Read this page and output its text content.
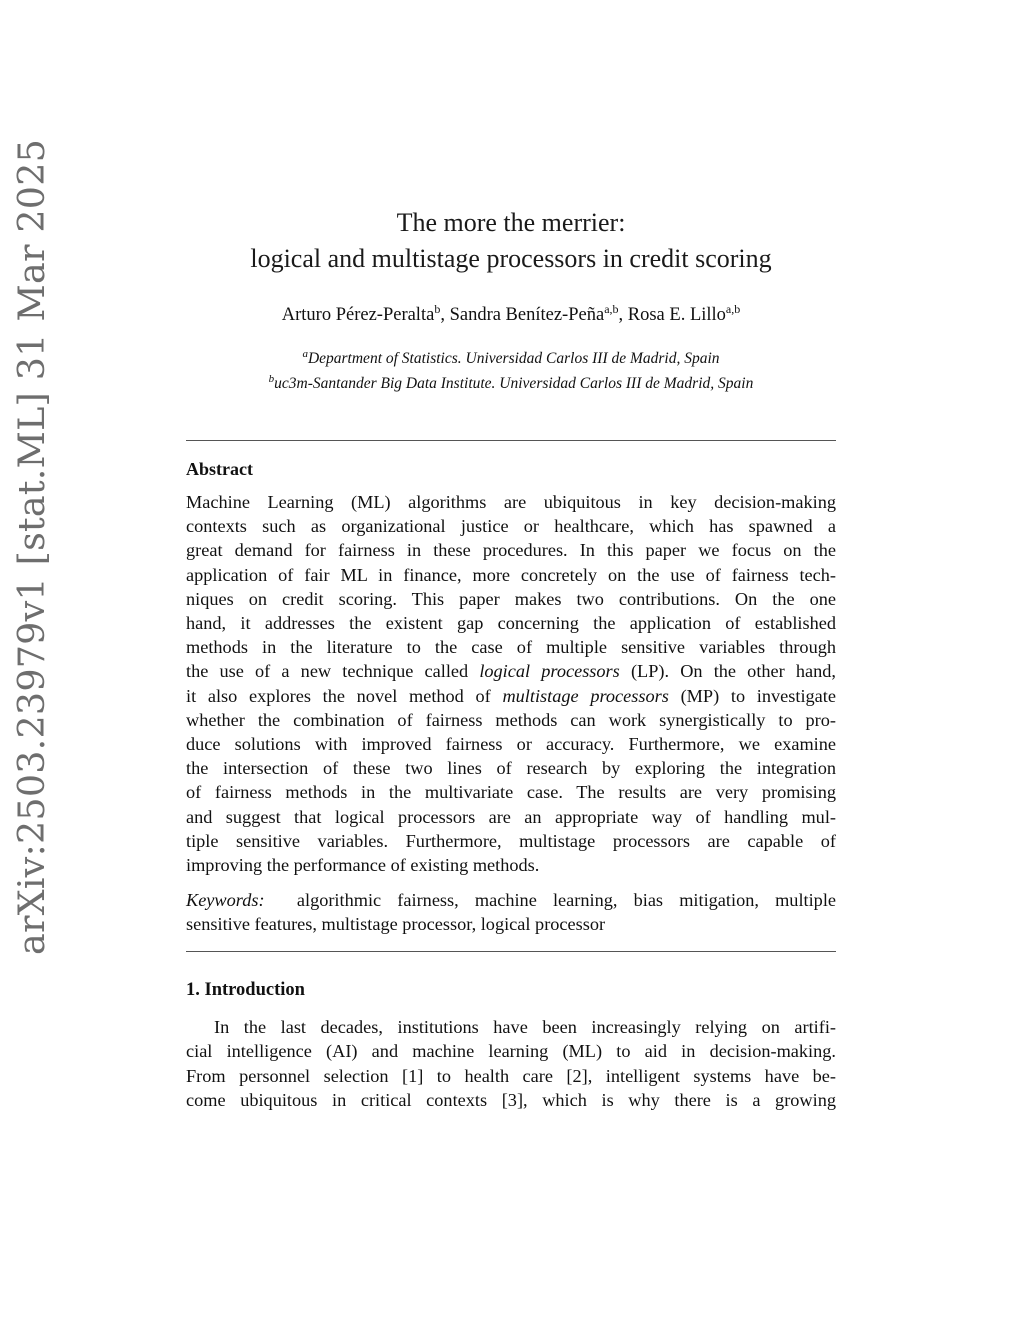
arXiv:2503.23979v1 [stat.ML] 31 Mar 2025	The more the merrier:
logical and multistage processors in credit scoring
Arturo Pérez-Peralta$^b$, Sandra Benítez-Peña$^{a,b}$, Rosa E. Lillo$^{a,b}$
$^a$Department of Statistics. Universidad Carlos III de Madrid, Spain
$^b$uc3m-Santander Big Data Institute. Universidad Carlos III de Madrid, Spain
Abstract
Machine Learning (ML) algorithms are ubiquitous in key decision-making
contexts such as organizational justice or healthcare, which has spawned a
great demand for fairness in these procedures. In this paper we focus on the
application of fair ML in finance, more concretely on the use of fairness tech-
niques on credit scoring. This paper makes two contributions. On the one
hand, it addresses the existent gap concerning the application of established
methods in the literature to the case of multiple sensitive variables through
the use of a new technique called logical processors (LP). On the other hand,
it also explores the novel method of multistage processors (MP) to investigate
whether the combination of fairness methods can work synergistically to pro-
duce solutions with improved fairness or accuracy. Furthermore, we examine
the intersection of these two lines of research by exploring the integration
of fairness methods in the multivariate case. The results are very promising
and suggest that logical processors are an appropriate way of handling mul-
tiple sensitive variables. Furthermore, multistage processors are capable of
improving the performance of existing methods.
Keywords: algorithmic fairness, machine learning, bias mitigation, multiple
sensitive features, multistage processor, logical processor
1. Introduction
In the last decades, institutions have been increasingly relying on artifi-
cial intelligence (AI) and machine learning (ML) to aid in decision-making.
From personnel selection [1] to health care [2], intelligent systems have be-
come ubiquitous in critical contexts [3], which is why there is a growing
